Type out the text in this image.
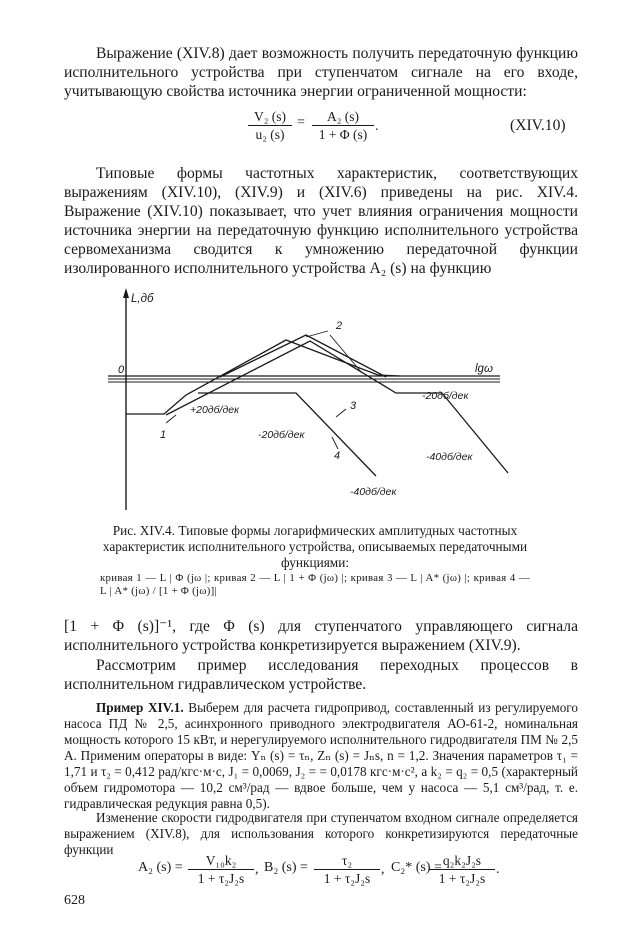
Выражение (XIV.8) дает возможность получить передаточную функцию исполнительного устройства при ступенчатом сигнале на его входе, учитывающую свойства источника энергии ограниченной мощности:
$\frac{\text{V₂ (s)}}{\text{u₂ (s)}} = \frac{\text{A₂ (s)}}{1 + \Phi (s)}$ .	(XIV.10)
Типовые формы частотных характеристик, соответствующих выражениям (XIV.10), (XIV.9) и (XIV.6) приведены на рис. XIV.4. Выражение (XIV.10) показывает, что учет влияния ограничения мощности источника энергии на передаточную функцию исполнительного устройства сервомеханизма сводится к умножению передаточной функции изолированного исполнительного устройства A₂ (s) на функцию
L,дб
0	lgω
1
2
3
4
+20дб/дек
-20дб/дек
-20дб/дек
-40дб/дек
-40дб/дек
Рис. XIV.4. Типовые формы логарифмических амплитудных частотных характеристик исполнительного устройства, описываемых передаточными функциями:
кривая 1 — L | Φ (jω |; кривая 2 — L | 1 + Φ (jω) |; кривая 3 — L | A* (jω) |; кривая 4 — L | A* (jω) / [1 + Φ (jω)]|
[1 + Φ (s)]⁻¹, где Φ (s) для ступенчатого управляющего сигнала исполнительного устройства конкретизируется выражением (XIV.9).
Рассмотрим пример исследования переходных процессов в исполнительном гидравлическом устройстве.
Пример XIV.1. Выберем для расчета гидропривод, составленный из регулируемого насоса ПД № 2,5, асинхронного приводного электродвигателя АО-61-2, номинальная мощность которого 15 кВт, и нерегулируемого исполнительного гидродвигателя ПМ № 2,5 А. Применим операторы в виде: Yₙ (s) = τₙ, Zₙ (s) = Jₙs, n = 1,2. Значения параметров τ₁ = 1,71 и τ₂ = 0,412 рад/кгс·м·с, J₁ = 0,0069, J₂ = = 0,0178 кгс·м·с², а k₂ = q₂ = 0,5 (характерный объем гидромотора — 10,2 см³/рад — вдвое больше, чем у насоса — 5,1 см³/рад, т. е. гидравлическая редукция равна 0,5).
Изменение скорости гидродвигателя при ступенчатом входном сигнале определяется выражением (XIV.8), для использования которого конкретизируются передаточные функции
A₂ $(s) = \frac{\text{V₁₀k₂}}{\text{1 + τ₂J₂s}}$ , B₂ $(s) = \frac{\text{τ₂}}{\text{1 + τ₂J₂s}}$ , C₂* (s) =
$\frac{\text{q₂k₂J₂s}}{\text{1 + τ₂J₂s}}$ .
628
